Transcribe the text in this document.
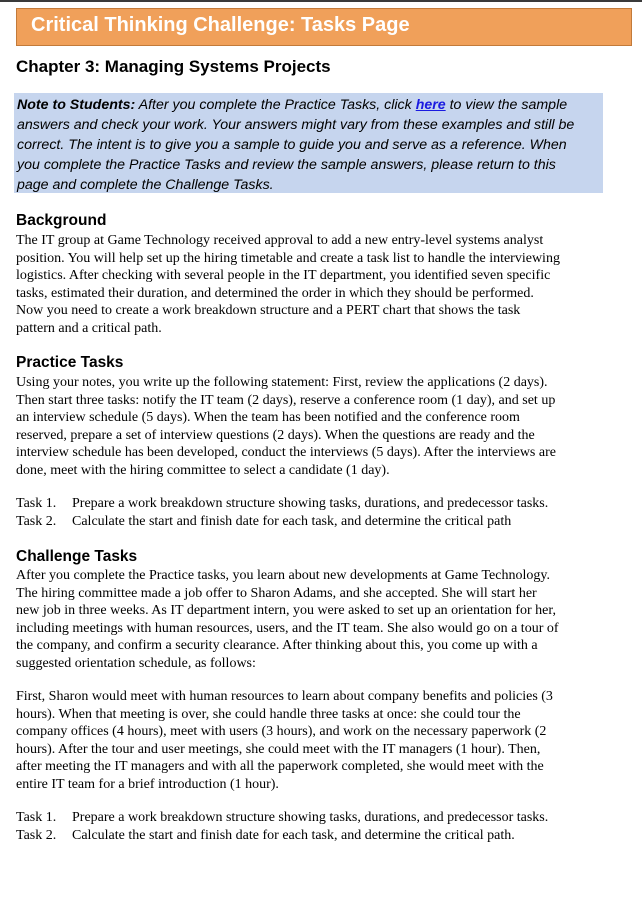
Critical Thinking Challenge: Tasks Page
Chapter 3: Managing Systems Projects
Note to Students: After you complete the Practice Tasks, click here to view the sample
answers and check your work. Your answers might vary from these examples and still be
correct. The intent is to give you a sample to guide you and serve as a reference. When
you complete the Practice Tasks and review the sample answers, please return to this
page and complete the Challenge Tasks.
Background
The IT group at Game Technology received approval to add a new entry-level systems analyst
position. You will help set up the hiring timetable and create a task list to handle the interviewing
logistics. After checking with several people in the IT department, you identified seven specific
tasks, estimated their duration, and determined the order in which they should be performed.
Now you need to create a work breakdown structure and a PERT chart that shows the task
pattern and a critical path.
Practice Tasks
Using your notes, you write up the following statement: First, review the applications (2 days).
Then start three tasks: notify the IT team (2 days), reserve a conference room (1 day), and set up
an interview schedule (5 days). When the team has been notified and the conference room
reserved, prepare a set of interview questions (2 days). When the questions are ready and the
interview schedule has been developed, conduct the interviews (5 days). After the interviews are
done, meet with the hiring committee to select a candidate (1 day).
Task 1. Prepare a work breakdown structure showing tasks, durations, and predecessor tasks.
Task 2. Calculate the start and finish date for each task, and determine the critical path
Challenge Tasks
After you complete the Practice tasks, you learn about new developments at Game Technology.
The hiring committee made a job offer to Sharon Adams, and she accepted. She will start her
new job in three weeks. As IT department intern, you were asked to set up an orientation for her,
including meetings with human resources, users, and the IT team. She also would go on a tour of
the company, and confirm a security clearance. After thinking about this, you come up with a
suggested orientation schedule, as follows:
First, Sharon would meet with human resources to learn about company benefits and policies (3
hours). When that meeting is over, she could handle three tasks at once: she could tour the
company offices (4 hours), meet with users (3 hours), and work on the necessary paperwork (2
hours). After the tour and user meetings, she could meet with the IT managers (1 hour). Then,
after meeting the IT managers and with all the paperwork completed, she would meet with the
entire IT team for a brief introduction (1 hour).
Task 1. Prepare a work breakdown structure showing tasks, durations, and predecessor tasks.
Task 2. Calculate the start and finish date for each task, and determine the critical path.
